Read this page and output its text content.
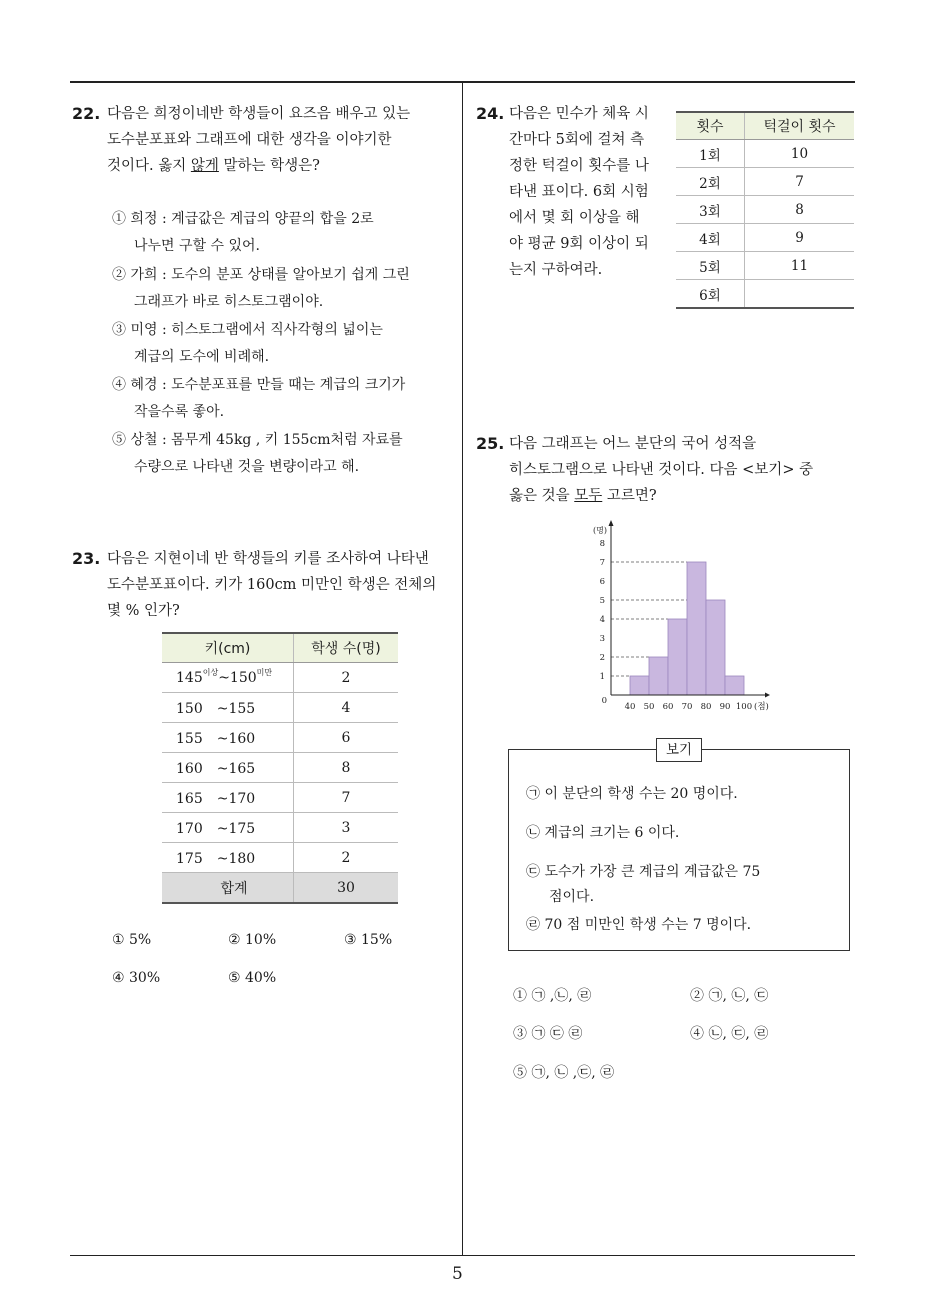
5
22. 다음은 희정이네반 학생들이 요즈음 배우고 있는
도수분포표와 그래프에 대한 생각을 이야기한
것이다. 옳지 않게 말하는 학생은?
① 희정 : 계급값은 계급의 양끝의 합을 2로
나누면 구할 수 있어.
② 가희 : 도수의 분포 상태를 알아보기 쉽게 그린
그래프가 바로 히스토그램이야.
③ 미영 : 히스토그램에서 직사각형의 넓이는
계급의 도수에 비례해.
④ 혜경 : 도수분포표를 만들 때는 계급의 크기가
작을수록 좋아.
⑤ 상철 : 몸무게 45kg , 키 155cm처럼 자료를
수량으로 나타낸 것을 변량이라고 해.
23. 다음은 지현이네 반 학생들의 키를 조사하여 나타낸
도수분포표이다. 키가 160cm 미만인 학생은 전체의
몇 % 인가?
키(cm)	학생 수(명)
$145^{이상}\sim 150^{미만}$	2
150　~155	4
155　~160	6
160　~165	8
165　~170	7
170　~175	3
175　~180	2
합계	30
① 5%	② 10%	③ 15%
④ 30%	⑤ 40%
24. 다음은 민수가 체육 시
간마다 5회에 걸쳐 측
정한 턱걸이 횟수를 나
타낸 표이다. 6회 시험
에서 몇 회 이상을 해
야 평균 9회 이상이 되
는지 구하여라.
횟수	턱걸이 횟수
1회	10
2회	7
3회	8
4회	9
5회	11
6회	
25. 다음 그래프는 어느 분단의 국어 성적을
히스토그램으로 나타낸 것이다. 다음 <보기> 중
옳은 것을 모두 고르면?
1
2
3
4
5
6
7
8
40 50 60 70 80 90 100
0
(명)
(점)
보기
㉠ 이 분단의 학생 수는 20 명이다.
㉡ 계급의 크기는 6 이다.
㉢ 도수가 가장 큰 계급의 계급값은 75
점이다.
㉣ 70 점 미만인 학생 수는 7 명이다.
① ㉠ ,㉡, ㉣	② ㉠, ㉡, ㉢
③ ㉠ ㉢ ㉣	④ ㉡, ㉢, ㉣
⑤ ㉠, ㉡ ,㉢, ㉣
